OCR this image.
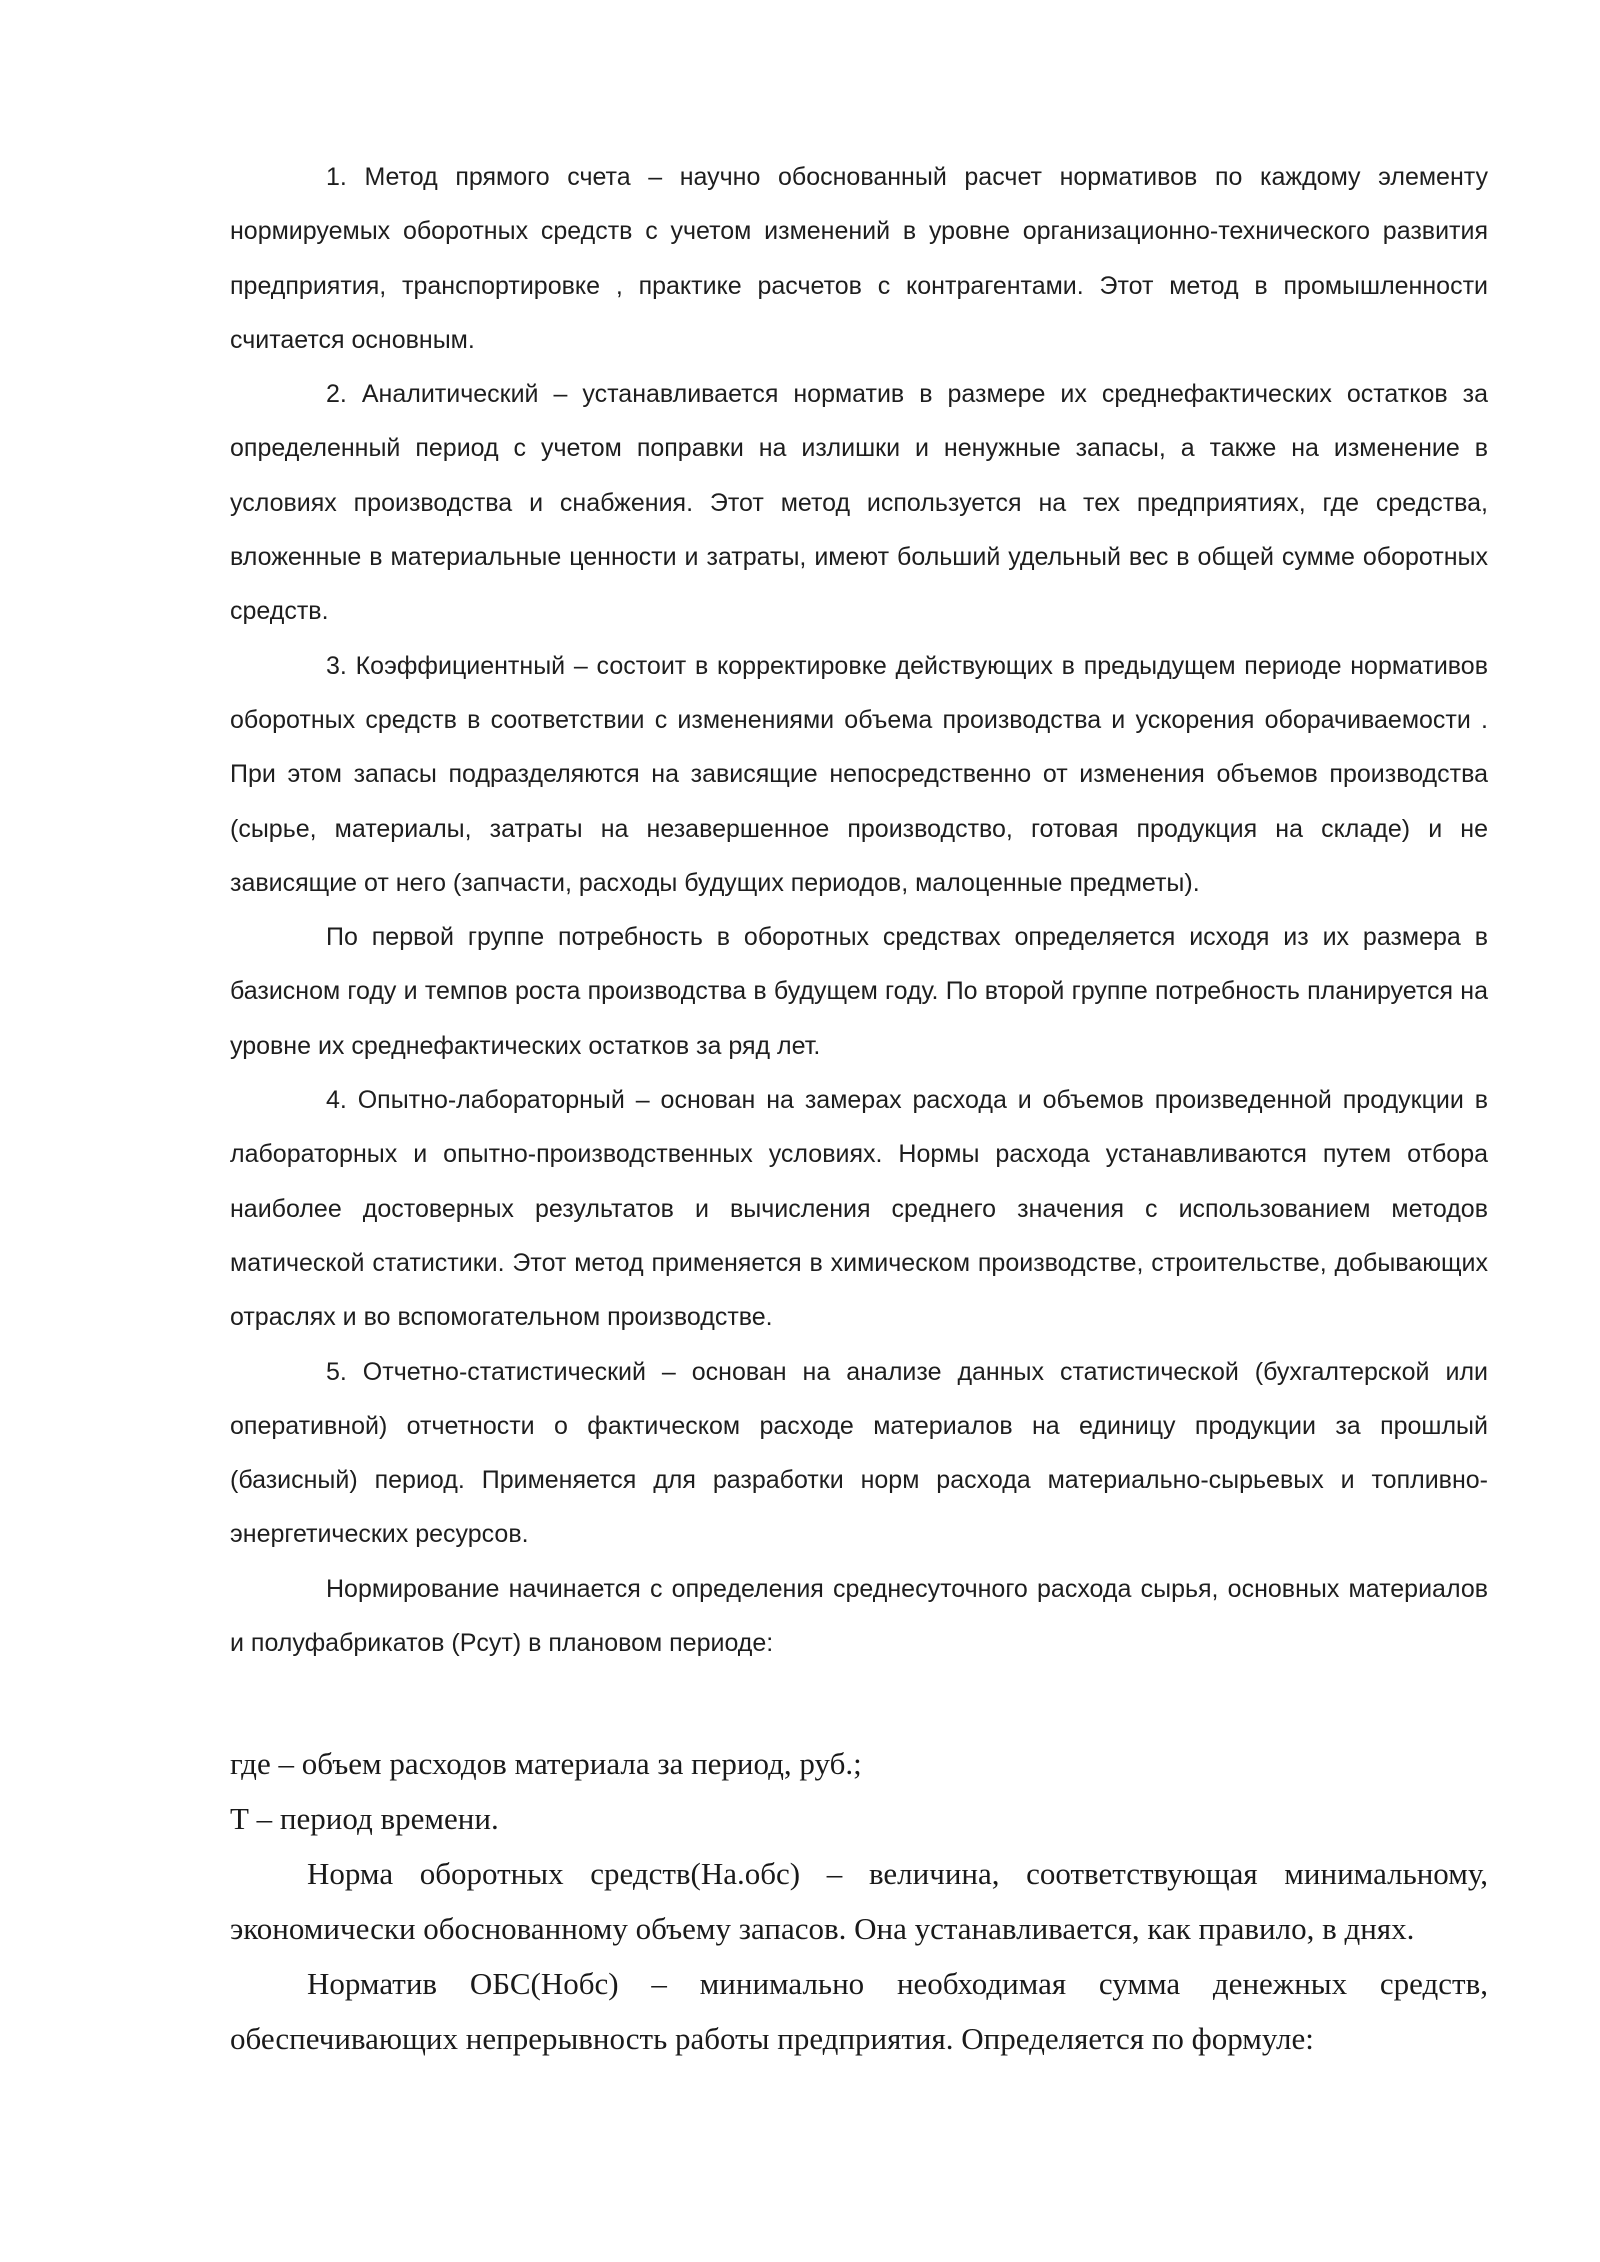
1. Метод прямого счета – научно обоснованный расчет нормативов по каждому элементу нормируемых оборотных средств с учетом изменений в уровне организационно-технического развития предприятия, транспортировке , практике расчетов с контрагентами. Этот метод в промышленности считается основным.

2. Аналитический – устанавливается норматив в размере их среднефактических остатков за определенный период с учетом поправки на излишки и ненужные запасы, а также на изменение в условиях производства и снабжения. Этот метод используется на тех предприятиях, где средства, вложенные в материальные ценности и затраты, имеют больший удельный вес в общей сумме оборотных средств.

3. Коэффициентный – состоит в корректировке действующих в предыдущем периоде нормативов оборотных средств в соответствии с изменениями объема производства и ускорения оборачиваемости . При этом запасы подразделяются на зависящие непосредственно от изменения объемов производства (сырье, материалы, затраты на незавершенное производство, готовая продукция на складе) и не зависящие от него (запчасти, расходы будущих периодов, малоценные предметы).

По первой группе потребность в оборотных средствах определяется исходя из их размера в базисном году и темпов роста производства в будущем году. По второй группе потребность планируется на уровне их среднефактических остатков за ряд лет.

4. Опытно-лабораторный – основан на замерах расхода и объемов произведенной продукции в лабораторных и опытно-производственных условиях. Нормы расхода устанавливаются путем отбора наиболее достоверных результатов и вычисления среднего значения с использованием методов матической статистики. Этот метод применяется в химическом производстве, строительстве, добывающих отраслях и во вспомогательном производстве.

5. Отчетно-статистический – основан на анализе данных статистической (бухгалтерской или оперативной) отчетности о фактическом расходе материалов на единицу продукции за прошлый (базисный) период. Применяется для разработки норм расхода материально-сырьевых и топливно-энергетических ресурсов.

Нормирование начинается с определения среднесуточного расхода сырья, основных материалов и полуфабрикатов (Рсут) в плановом периоде:

где – объем расходов материала за период, руб.;

Т – период времени.

Норма оборотных средств(На.обс) – величина, соответствующая минимальному, экономически обоснованному объему запасов. Она устанавливается, как правило, в днях.

Норматив ОБС(Нобс) – минимально необходимая сумма денежных средств, обеспечивающих непрерывность работы предприятия. Определяется по формуле:
